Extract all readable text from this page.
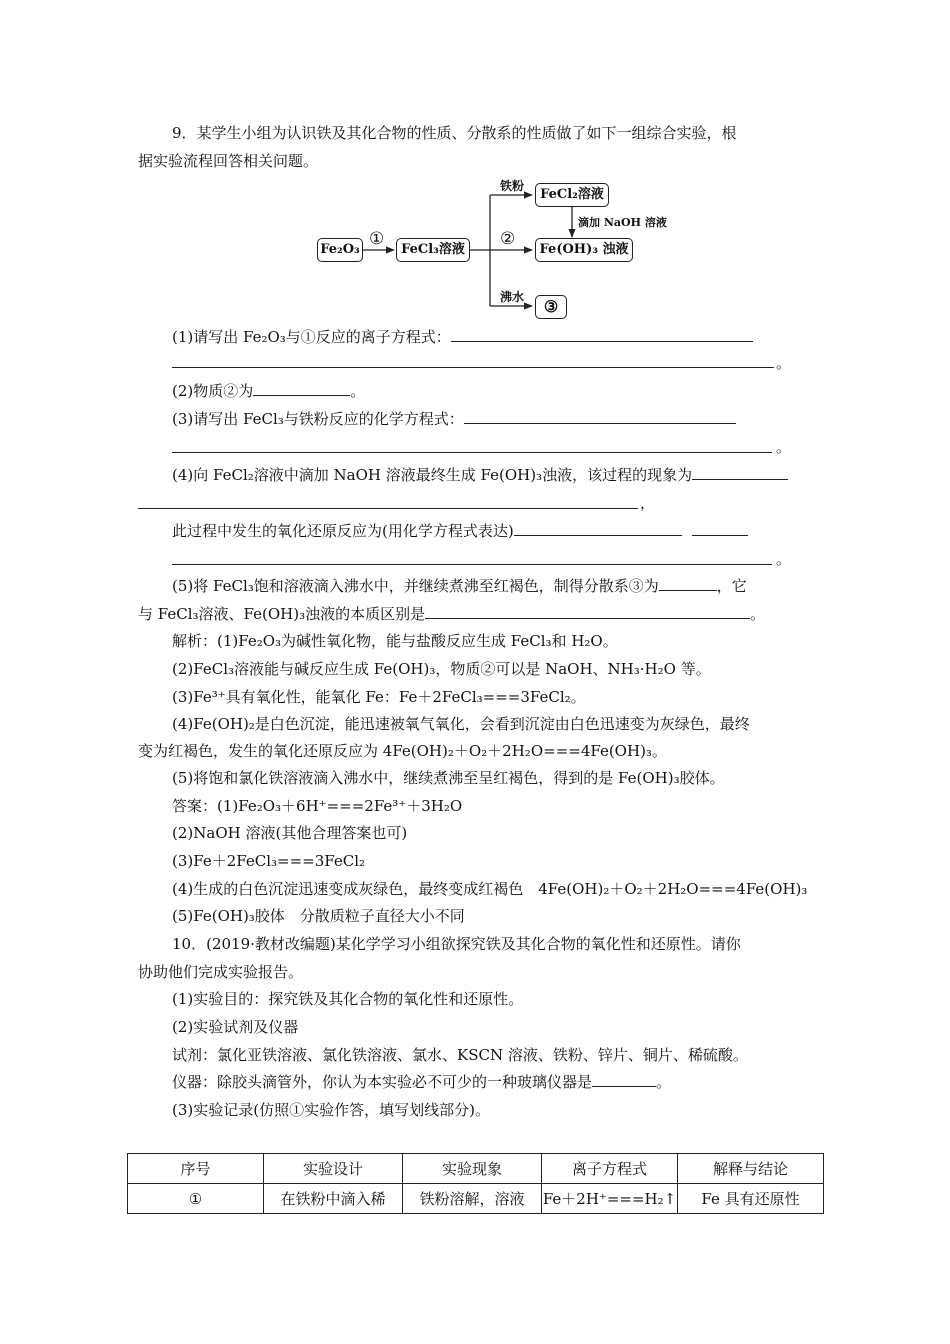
9．某学生小组为认识铁及其化合物的性质、分散系的性质做了如下一组综合实验，根
据实验流程回答相关问题。
Fe₂O₃
①
FeCl₃溶液
铁粉
FeCl₂溶液
滴加 NaOH 溶液
②
Fe(OH)₃ 浊液
沸水	③
(1)请写出 Fe₂O₃与①反应的离子方程式：
。
(2)物质②为	。
(3)请写出 FeCl₃与铁粉反应的化学方程式：
。
(4)向 FeCl₂溶液中滴加 NaOH 溶液最终生成 Fe(OH)₃浊液，该过程的现象为
，
此过程中发生的氧化还原反应为(用化学方程式表达)
。
(5)将 FeCl₃饱和溶液滴入沸水中，并继续煮沸至红褐色，制得分散系③为	，它
与 FeCl₃溶液、Fe(OH)₃浊液的本质区别是	。
解析：(1)Fe₂O₃为碱性氧化物，能与盐酸反应生成 FeCl₃和 H₂O。
(2)FeCl₃溶液能与碱反应生成 Fe(OH)₃，物质②可以是 NaOH、NH₃·H₂O 等。
(3)Fe³⁺具有氧化性，能氧化 Fe：Fe＋2FeCl₃===3FeCl₂。
(4)Fe(OH)₂是白色沉淀，能迅速被氧气氧化，会看到沉淀由白色迅速变为灰绿色，最终
变为红褐色，发生的氧化还原反应为 4Fe(OH)₂＋O₂＋2H₂O===4Fe(OH)₃。
(5)将饱和氯化铁溶液滴入沸水中，继续煮沸至呈红褐色，得到的是 Fe(OH)₃胶体。
答案：(1)Fe₂O₃＋6H⁺===2Fe³⁺＋3H₂O
(2)NaOH 溶液(其他合理答案也可)
(3)Fe＋2FeCl₃===3FeCl₂
(4)生成的白色沉淀迅速变成灰绿色，最终变成红褐色　4Fe(OH)₂＋O₂＋2H₂O===4Fe(OH)₃
(5)Fe(OH)₃胶体　分散质粒子直径大小不同
10．(2019·教材改编题)某化学学习小组欲探究铁及其化合物的氧化性和还原性。请你
协助他们完成实验报告。
(1)实验目的：探究铁及其化合物的氧化性和还原性。
(2)实验试剂及仪器
试剂：氯化亚铁溶液、氯化铁溶液、氯水、KSCN 溶液、铁粉、锌片、铜片、稀硫酸。
仪器：除胶头滴管外，你认为本实验必不可少的一种玻璃仪器是	。
(3)实验记录(仿照①实验作答，填写划线部分)。
序号	实验设计	实验现象	离子方程式	解释与结论
①	在铁粉中滴入稀	铁粉溶解，溶液	Fe＋2H⁺===H₂↑	Fe 具有还原性
